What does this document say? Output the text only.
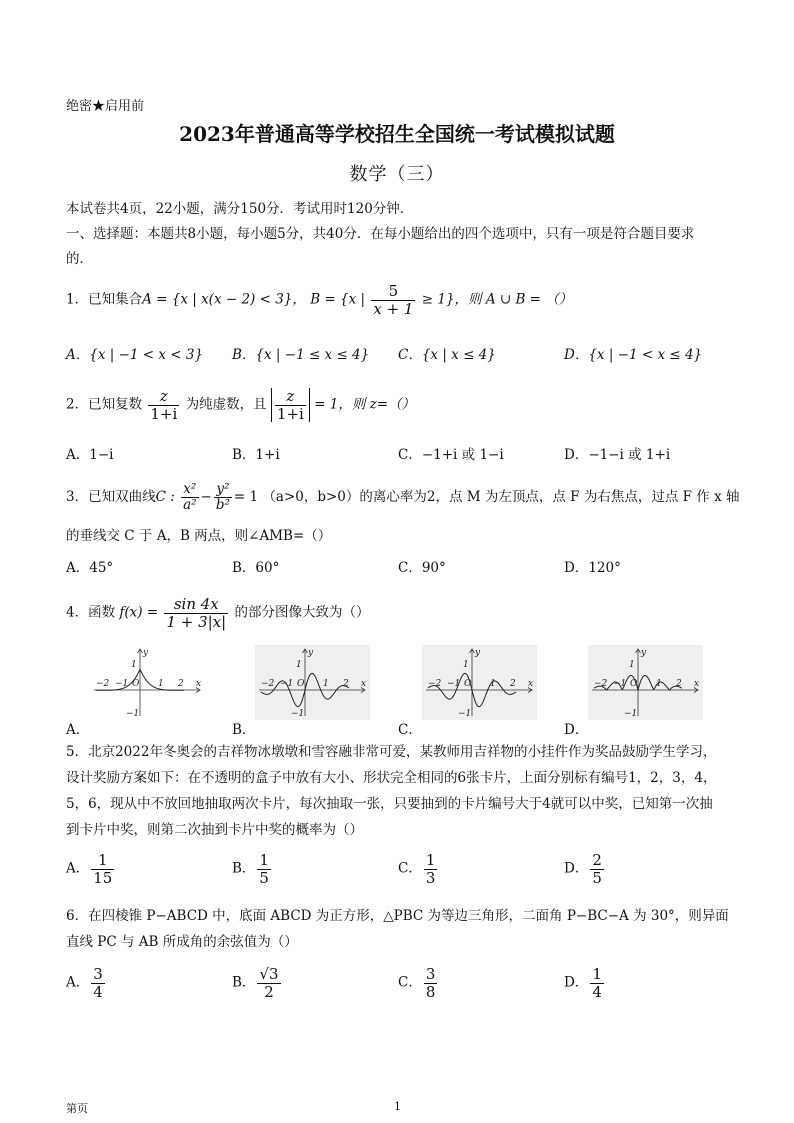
绝密★启用前
2023年普通高等学校招生全国统一考试模拟试题
数学（三）
本试卷共4页，22小题，满分150分．考试用时120分钟．
一、选择题：本题共8小题，每小题5分，共40分．在每小题给出的四个选项中，只有一项是符合题目要求
的．
1．已知集合A = {x | x(x − 2) < 3}， B = {x | $\frac{5}{x + 1} \ge 1$}，则 A ∪ B = （）
A．{x | −1 < x < 3} B．{x | −1 ≤ x ≤ 4} C．{x | x ≤ 4}	D．{x | −1 < x ≤ 4}
2．已知复数 $\frac{z}{1+i}$ 为纯虚数，且 $\frac{z}{1+i} = 1$，则 z=（）
A．1−i	B．1+i	C．−1+i 或 1−i	D．−1−i 或 1+i
3．已知双曲线C : $\frac{\text{x²}}{\text{a²}} - \frac{\text{y²}}{\text{b²}} = 1$ （a>0，b>0）的离心率为2，点 M 为左顶点，点 F 为右焦点，过点 F 作 x 轴
的垂线交 C 于 A，B 两点，则∠AMB=（）
A．45°	B．60°	C．90°	D．120°
4．函数 $f(x) = \frac{\sin 4x}{1 + 3|x|}$ 的部分图像大致为（）
y
x
1
−1
−2 −1 O 1 2
y
x
1
−1
−2 −1 O 1 2
y
x
1
−1
−2 −1 O 1 2
y
x
1
−1
−2 −1 O 1 2
A．	B．	C．	D．
5．北京2022年冬奥会的吉祥物冰墩墩和雪容融非常可爱，某教师用吉祥物的小挂件作为奖品鼓励学生学习，
设计奖励方案如下：在不透明的盒子中放有大小、形状完全相同的6张卡片，上面分别标有编号1，2，3，4，
5，6，现从中不放回地抽取两次卡片，每次抽取一张，只要抽到的卡片编号大于4就可以中奖，已知第一次抽
到卡片中奖，则第二次抽到卡片中奖的概率为（）
A． $\frac{1}{15}$	B． $\frac{1}{5}$	C． $\frac{1}{3}$	D． $\frac{2}{5}$
6．在四棱锥 P−ABCD 中，底面 ABCD 为正方形，△PBC 为等边三角形，二面角 P−BC−A 为 30°，则异面
直线 PC 与 AB 所成角的余弦值为（）
A． $\frac{3}{4}$	B． $\frac{√3}{2}$	C． $\frac{3}{8}$	D． $\frac{1}{4}$
第页	1
